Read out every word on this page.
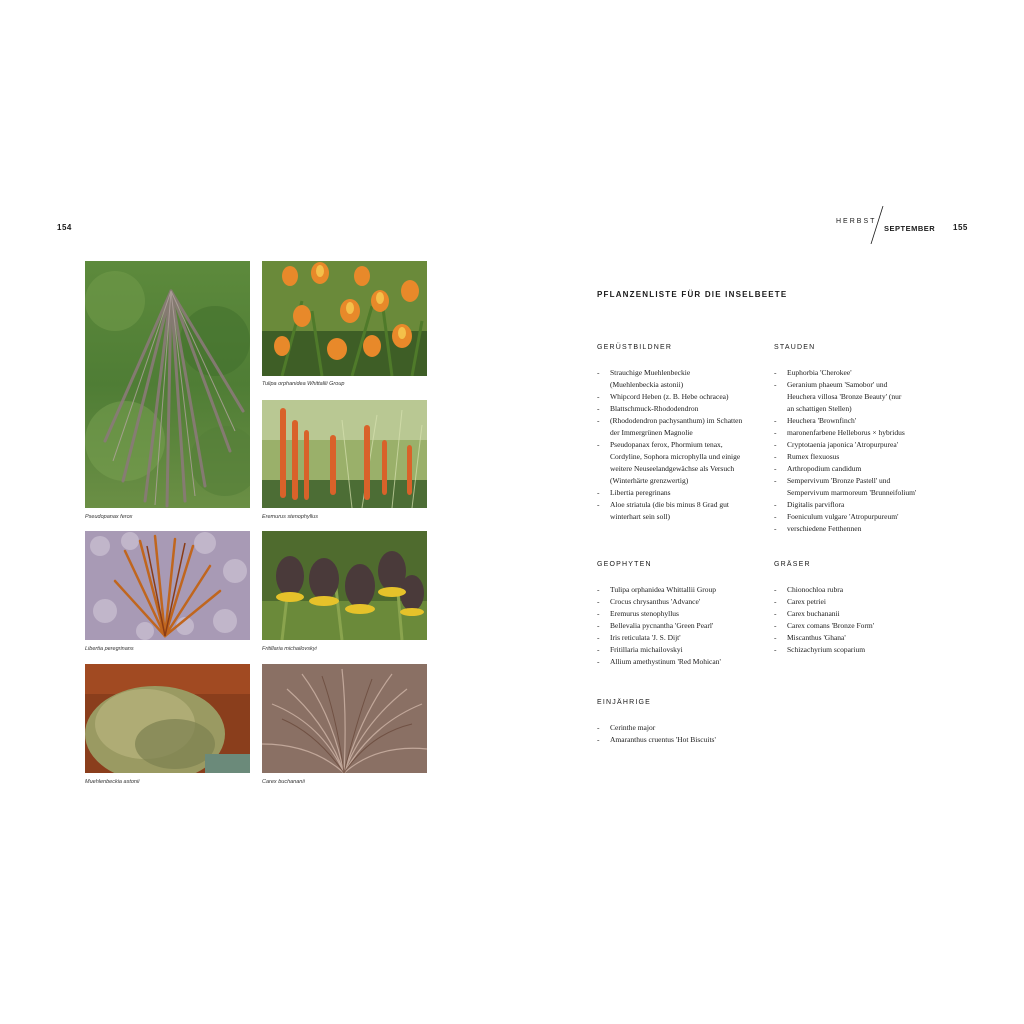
154	155
HERBST
SEPTEMBER
Pseudopanax ferox
Tulipa orphanidea Whittallii Group
Eremurus stenophyllus
Libertia peregrinans	Fritillaria michailovskyi
Muehlenbeckia astonii	Carex buchananii
PFLANZENLISTE FÜR DIE INSELBEETE
GERÜSTBILDNER
- Strauchige Muehlenbeckie
(Muehlenbeckia astonii)
- Whipcord Heben (z. B. Hebe ochracea)
- Blattschmuck-Rhododendron
- (Rhododendron pachysanthum) im Schatten
der Immergrünen Magnolie
- Pseudopanax ferox, Phormium tenax,
Cordyline, Sophora microphylla und einige
weitere Neuseelandgewächse als Versuch
(Winterhärte grenzwertig)
- Libertia peregrinans
- Aloe striatula (die bis minus 8 Grad gut
winterhart sein soll)
STAUDEN
- Euphorbia 'Cherokee'
- Geranium phaeum 'Samobor' und
Heuchera villosa 'Bronze Beauty' (nur
an schattigen Stellen)
- Heuchera 'Brownfinch'
- maronenfarbene Helleborus × hybridus
- Cryptotaenia japonica 'Atropurpurea'
- Rumex flexuosus
- Arthropodium candidum
- Sempervivum 'Bronze Pastell' und
Sempervivum marmoreum 'Brunneifolium'
- Digitalis parviflora
- Foeniculum vulgare 'Atropurpureum'
- verschiedene Fetthennen
GEOPHYTEN
- Tulipa orphanidea Whittallii Group
- Crocus chrysanthus 'Advance'
- Eremurus stenophyllus
- Bellevalia pycnantha 'Green Pearl'
- Iris reticulata 'J. S. Dijt'
- Fritillaria michailovskyi
- Allium amethystinum 'Red Mohican'
GRÄSER
- Chionochloa rubra
- Carex petriei
- Carex buchananii
- Carex comans 'Bronze Form'
- Miscanthus 'Ghana'
- Schizachyrium scoparium
EINJÄHRIGE
- Cerinthe major
- Amaranthus cruentus 'Hot Biscuits'
